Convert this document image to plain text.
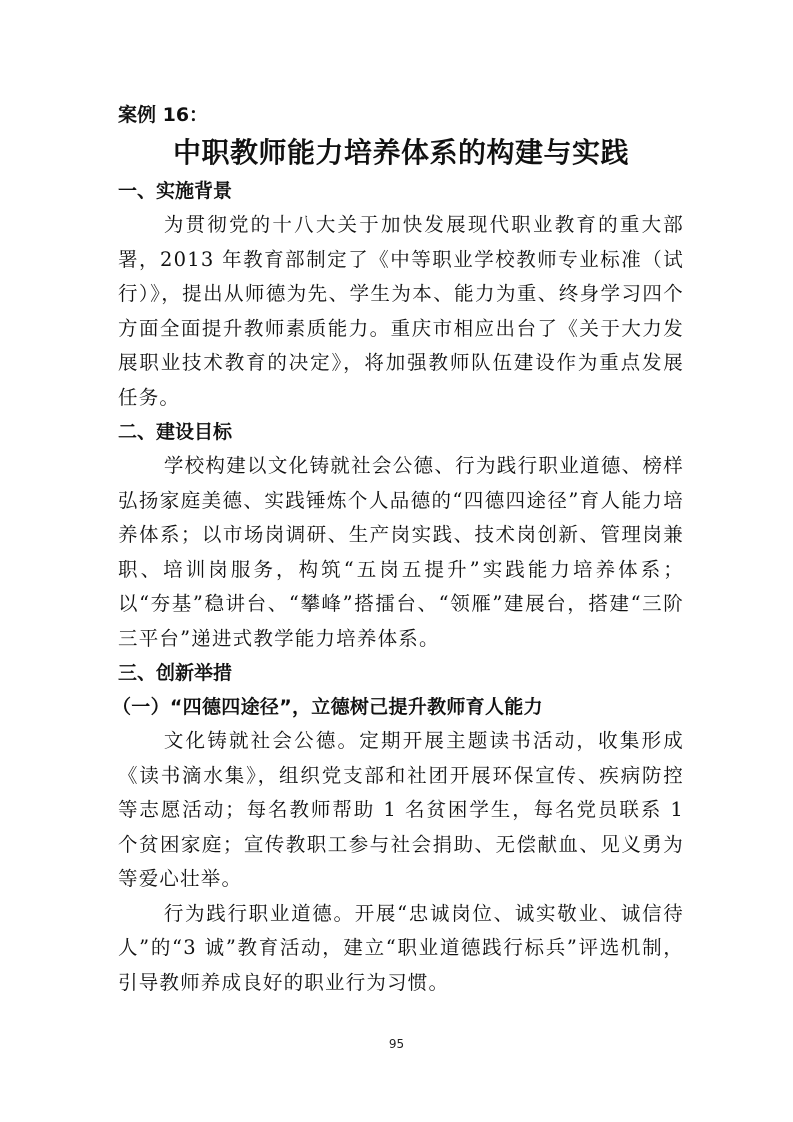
案例 16：
中职教师能力培养体系的构建与实践
一、实施背景

为贯彻党的十八大关于加快发展现代职业教育的重大部署，2013 年教育部制定了《中等职业学校教师专业标准（试行）》，提出从师德为先、学生为本、能力为重、终身学习四个方面全面提升教师素质能力。重庆市相应出台了《关于大力发展职业技术教育的决定》，将加强教师队伍建设作为重点发展任务。

二、建设目标

学校构建以文化铸就社会公德、行为践行职业道德、榜样弘扬家庭美德、实践锤炼个人品德的“四德四途径”育人能力培养体系；以市场岗调研、生产岗实践、技术岗创新、管理岗兼职、培训岗服务，构筑“五岗五提升”实践能力培养体系；以“夯基”稳讲台、“攀峰”搭擂台、“领雁”建展台，搭建“三阶三平台”递进式教学能力培养体系。

三、创新举措
（一）“四德四途径”，立德树己提升教师育人能力

文化铸就社会公德。定期开展主题读书活动，收集形成《读书滴水集》，组织党支部和社团开展环保宣传、疾病防控等志愿活动；每名教师帮助 1 名贫困学生，每名党员联系 1 个贫困家庭；宣传教职工参与社会捐助、无偿献血、见义勇为等爱心壮举。

行为践行职业道德。开展“忠诚岗位、诚实敬业、诚信待人”的“3 诚”教育活动，建立“职业道德践行标兵”评选机制，引导教师养成良好的职业行为习惯。

95
